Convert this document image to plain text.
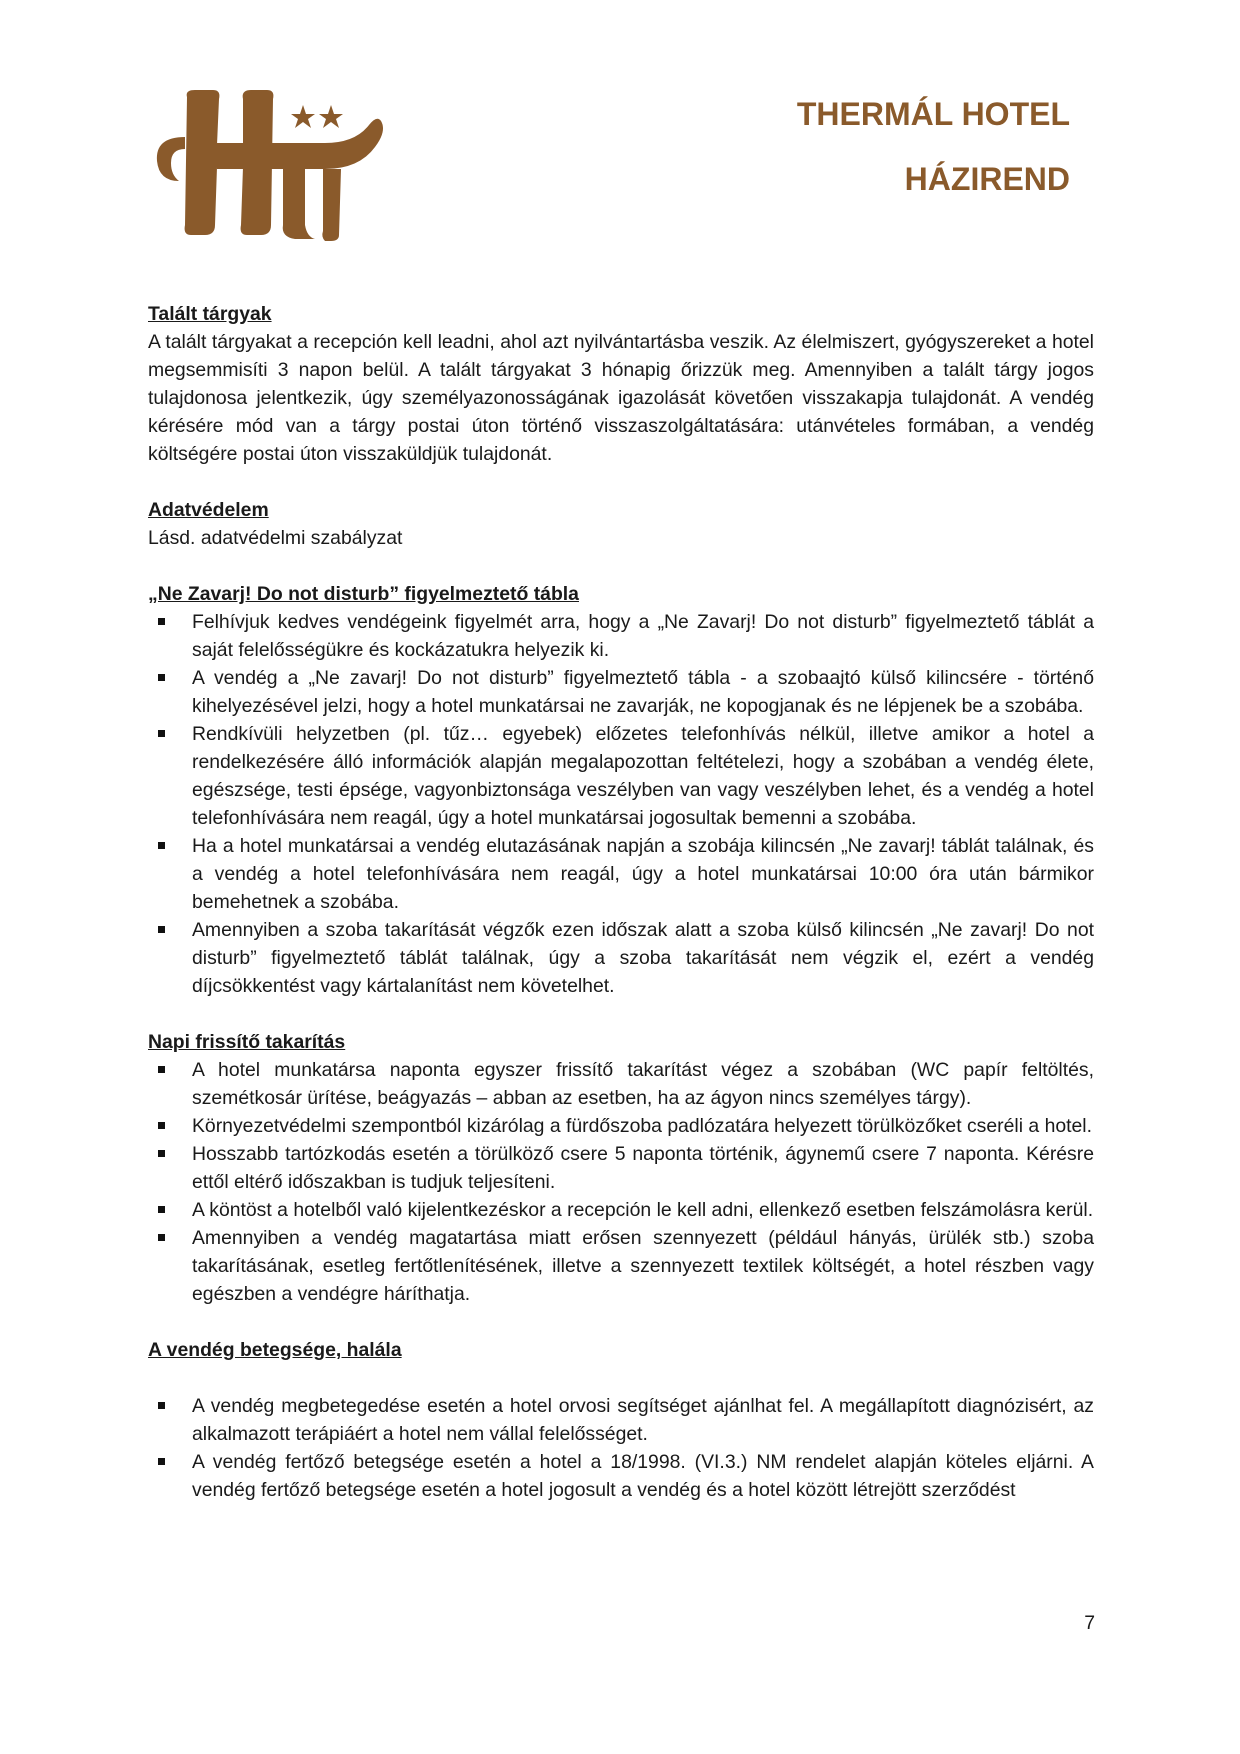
THERMÁL HOTEL
HÁZIREND

Talált tárgyak

A talált tárgyakat a recepción kell leadni, ahol azt nyilvántartásba veszik. Az élelmiszert, gyógyszereket a hotel megsemmisíti 3 napon belül. A talált tárgyakat 3 hónapig őrizzük meg. Amennyiben a talált tárgy jogos tulajdonosa jelentkezik, úgy személyazonosságának igazolását követően visszakapja tulajdonát. A vendég kérésére mód van a tárgy postai úton történő visszaszolgáltatására: utánvételes formában, a vendég költségére postai úton visszaküldjük tulajdonát.

Adatvédelem

Lásd. adatvédelmi szabályzat

„Ne Zavarj! Do not disturb” figyelmeztető tábla

Felhívjuk kedves vendégeink figyelmét arra, hogy a „Ne Zavarj! Do not disturb” figyelmeztető táblát a saját felelősségükre és kockázatukra helyezik ki.
A vendég a „Ne zavarj! Do not disturb” figyelmeztető tábla - a szobaajtó külső kilincsére - történő kihelyezésével jelzi, hogy a hotel munkatársai ne zavarják, ne kopogjanak és ne lépjenek be a szobába.
Rendkívüli helyzetben (pl. tűz… egyebek) előzetes telefonhívás nélkül, illetve amikor a hotel a rendelkezésére álló információk alapján megalapozottan feltételezi, hogy a szobában a vendég élete, egészsége, testi épsége, vagyonbiztonsága veszélyben van vagy veszélyben lehet, és a vendég a hotel telefonhívására nem reagál, úgy a hotel munkatársai jogosultak bemenni a szobába.
Ha a hotel munkatársai a vendég elutazásának napján a szobája kilincsén „Ne zavarj! táblát találnak, és a vendég a hotel telefonhívására nem reagál, úgy a hotel munkatársai 10:00 óra után bármikor bemehetnek a szobába.
Amennyiben a szoba takarítását végzők ezen időszak alatt a szoba külső kilincsén „Ne zavarj! Do not disturb” figyelmeztető táblát találnak, úgy a szoba takarítását nem végzik el, ezért a vendég díjcsökkentést vagy kártalanítást nem követelhet.

Napi frissítő takarítás

A hotel munkatársa naponta egyszer frissítő takarítást végez a szobában (WC papír feltöltés, szemétkosár ürítése, beágyazás – abban az esetben, ha az ágyon nincs személyes tárgy).
Környezetvédelmi szempontból kizárólag a fürdőszoba padlózatára helyezett törülközőket cseréli a hotel.
Hosszabb tartózkodás esetén a törülköző csere 5 naponta történik, ágynemű csere 7 naponta. Kérésre ettől eltérő időszakban is tudjuk teljesíteni.
A köntöst a hotelből való kijelentkezéskor a recepción le kell adni, ellenkező esetben felszámolásra kerül.
Amennyiben a vendég magatartása miatt erősen szennyezett (például hányás, ürülék stb.) szoba takarításának, esetleg fertőtlenítésének, illetve a szennyezett textilek költségét, a hotel részben vagy egészben a vendégre háríthatja.

A vendég betegsége, halála

A vendég megbetegedése esetén a hotel orvosi segítséget ajánlhat fel. A megállapított diagnózisért, az alkalmazott terápiáért a hotel nem vállal felelősséget.
A vendég fertőző betegsége esetén a hotel a 18/1998. (VI.3.) NM rendelet alapján köteles eljárni. A vendég fertőző betegsége esetén a hotel jogosult a vendég és a hotel között létrejött szerződést
7
